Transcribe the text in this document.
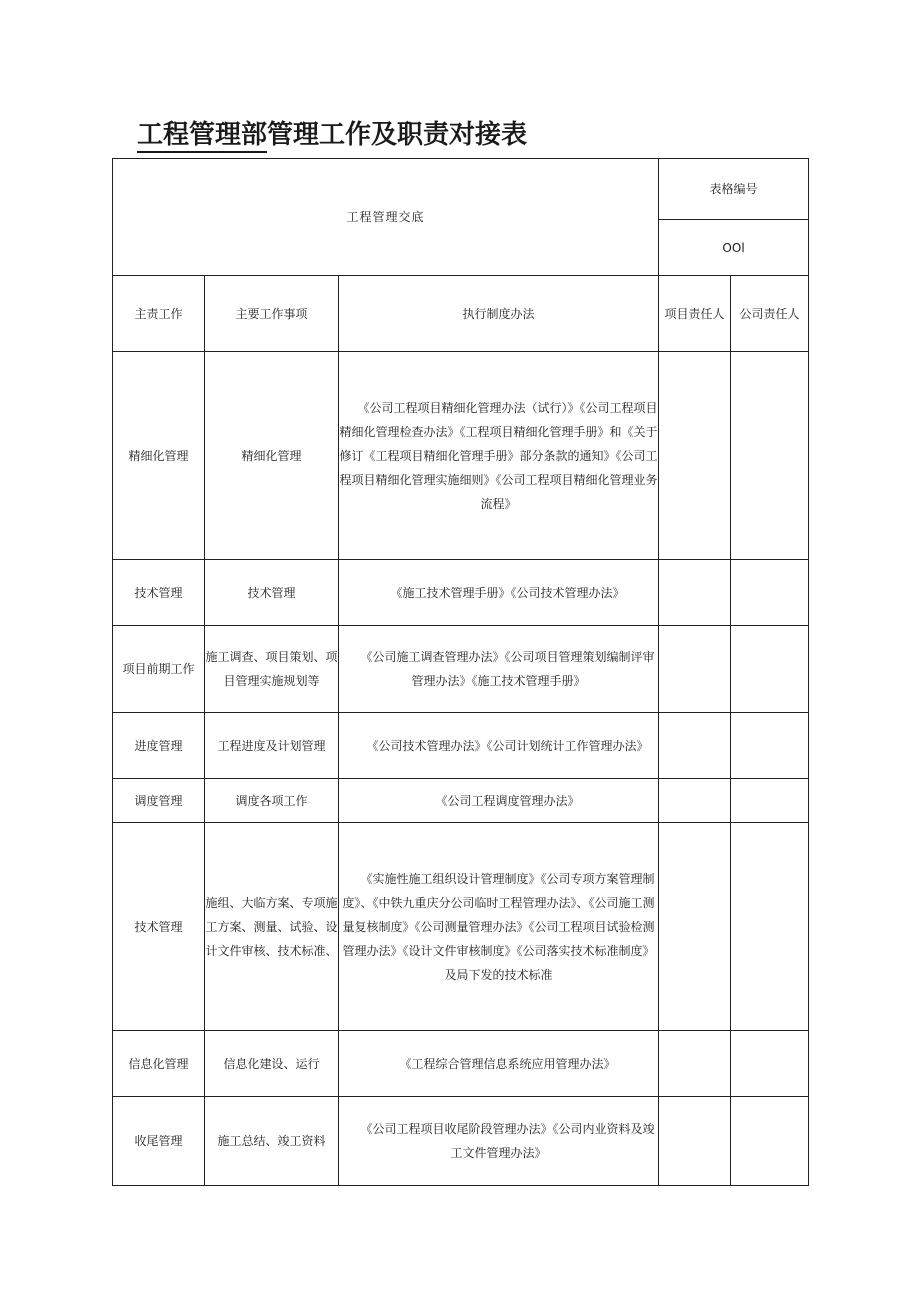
工程管理部管理工作及职责对接表
工程管理交底			表格编号	
			OOl	
主责工作	主要工作事项	执行制度办法	项目责任人	公司责任人
精细化管理	精细化管理	《公司工程项目精细化管理办法（试行）》《公司工程项目精细化管理检查办法》《工程项目精细化管理手册》和《关于修订《工程项目精细化管理手册》部分条款的通知》《公司工程项目精细化管理实施细则》《公司工程项目精细化管理业务流程》		

技术管理	技术管理	《施工技术管理手册》《公司技术管理办法》		

项目前期工作	施工调查、项目策划、项目管理实施规划等	《公司施工调查管理办法》《公司项目管理策划编制评审管理办法》《施工技术管理手册》		

进度管理	工程进度及计划管理	《公司技术管理办法》《公司计划统计工作管理办法》		

调度管理	调度各项工作	《公司工程调度管理办法》		

技术管理	施组、大临方案、专项施工方案、测量、试验、设计文件审核、技术标准、	《实施性施工组织设计管理制度》《公司专项方案管理制度》、《中铁九重庆分公司临时工程管理办法》、《公司施工测量复核制度》《公司测量管理办法》《公司工程项目试验检测管理办法》《设计文件审核制度》《公司落实技术标准制度》及局下发的技术标准		

信息化管理	信息化建设、运行	《工程综合管理信息系统应用管理办法》		

收尾管理	施工总结、竣工资料	《公司工程项目收尾阶段管理办法》《公司内业资料及竣工文件管理办法》		
